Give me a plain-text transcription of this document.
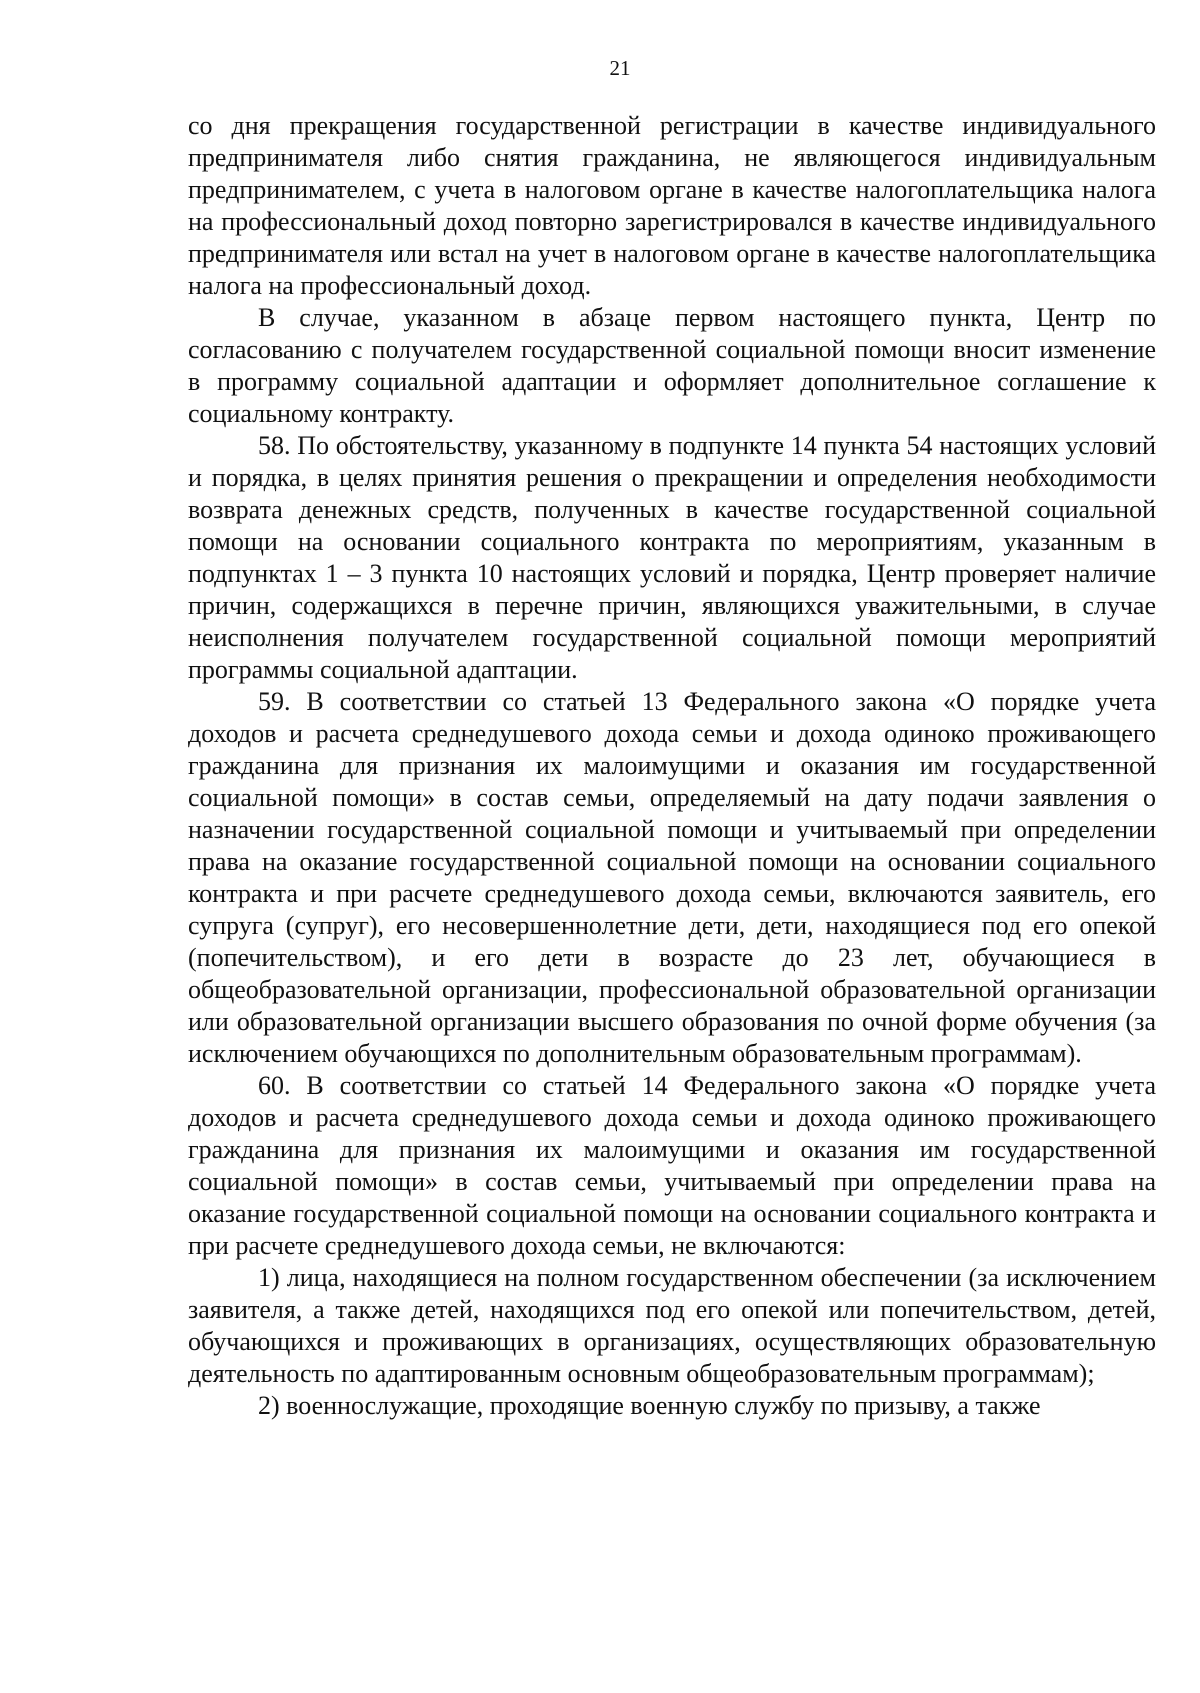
21

со дня прекращения государственной регистрации в качестве индивидуального предпринимателя либо снятия гражданина, не являющегося индивидуальным предпринимателем, с учета в налоговом органе в качестве налогоплательщика налога на профессиональный доход повторно зарегистрировался в качестве индивидуального предпринимателя или встал на учет в налоговом органе в качестве налогоплательщика налога на профессиональный доход.

В случае, указанном в абзаце первом настоящего пункта, Центр по согласованию с получателем государственной социальной помощи вносит изменение в программу социальной адаптации и оформляет дополнительное соглашение к социальному контракту.

58. По обстоятельству, указанному в подпункте 14 пункта 54 настоящих условий и порядка, в целях принятия решения о прекращении и определения необходимости возврата денежных средств, полученных в качестве государственной социальной помощи на основании социального контракта по мероприятиям, указанным в подпунктах 1 – 3 пункта 10 настоящих условий и порядка, Центр проверяет наличие причин, содержащихся в перечне причин, являющихся уважительными, в случае неисполнения получателем государственной социальной помощи мероприятий программы социальной адаптации.

59. В соответствии со статьей 13 Федерального закона «О порядке учета доходов и расчета среднедушевого дохода семьи и дохода одиноко проживающего гражданина для признания их малоимущими и оказания им государственной социальной помощи» в состав семьи, определяемый на дату подачи заявления о назначении государственной социальной помощи и учитываемый при определении права на оказание государственной социальной помощи на основании социального контракта и при расчете среднедушевого дохода семьи, включаются заявитель, его супруга (супруг), его несовершеннолетние дети, дети, находящиеся под его опекой (попечительством), и его дети в возрасте до 23 лет, обучающиеся в общеобразовательной организации, профессиональной образовательной организации или образовательной организации высшего образования по очной форме обучения (за исключением обучающихся по дополнительным образовательным программам).

60. В соответствии со статьей 14 Федерального закона «О порядке учета доходов и расчета среднедушевого дохода семьи и дохода одиноко проживающего гражданина для признания их малоимущими и оказания им государственной социальной помощи» в состав семьи, учитываемый при определении права на оказание государственной социальной помощи на основании социального контракта и при расчете среднедушевого дохода семьи, не включаются:

1) лица, находящиеся на полном государственном обеспечении (за исключением заявителя, а также детей, находящихся под его опекой или попечительством, детей, обучающихся и проживающих в организациях, осуществляющих образовательную деятельность по адаптированным основным общеобразовательным программам);

2) военнослужащие, проходящие военную службу по призыву, а также
